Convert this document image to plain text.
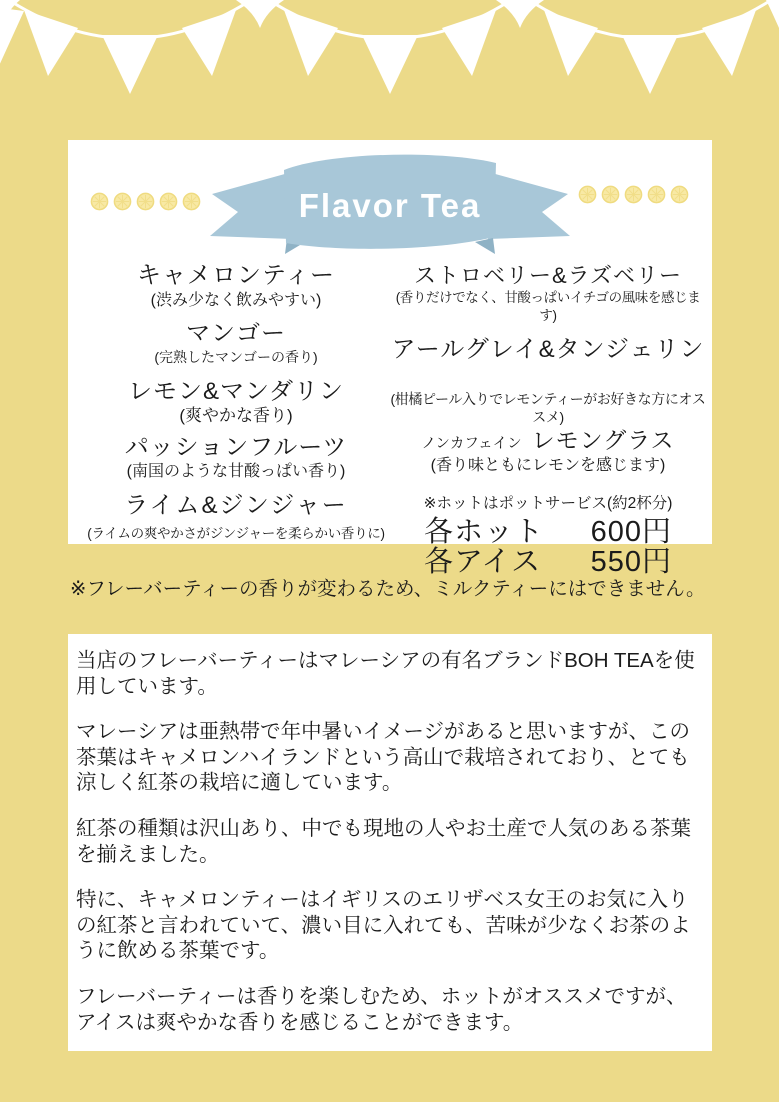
Flavor Tea
キャメロンティー
(渋み少なく飲みやすい)
マンゴー
(完熟したマンゴーの香り)
レモン&マンダリン
(爽やかな香り)
パッションフルーツ
(南国のような甘酸っぱい香り)
ライム&ジンジャー
(ライムの爽やかさがジンジャーを柔らかい香りに)
ストロベリー&ラズベリー
(香りだけでなく、甘酸っぱいイチゴの風味を感じます)
アールグレイ&タンジェリン
(柑橘ピール入りでレモンティーがお好きな方にオススメ)
ノンカフェイン レモングラス
(香り味ともにレモンを感じます)
※ホットはポットサービス(約2杯分)
各ホット 600円
各アイス 550円
※フレーバーティーの香りが変わるため、ミルクティーにはできません。

当店のフレーバーティーはマレーシアの有名ブランドBOH TEAを使用しています。

マレーシアは亜熱帯で年中暑いイメージがあると思いますが、この茶葉はキャメロンハイランドという高山で栽培されており、とても涼しく紅茶の栽培に適しています。

紅茶の種類は沢山あり、中でも現地の人やお土産で人気のある茶葉を揃えました。

特に、キャメロンティーはイギリスのエリザベス女王のお気に入りの紅茶と言われていて、濃い目に入れても、苦味が少なくお茶のように飲める茶葉です。

フレーバーティーは香りを楽しむため、ホットがオススメですが、アイスは爽やかな香りを感じることができます。
